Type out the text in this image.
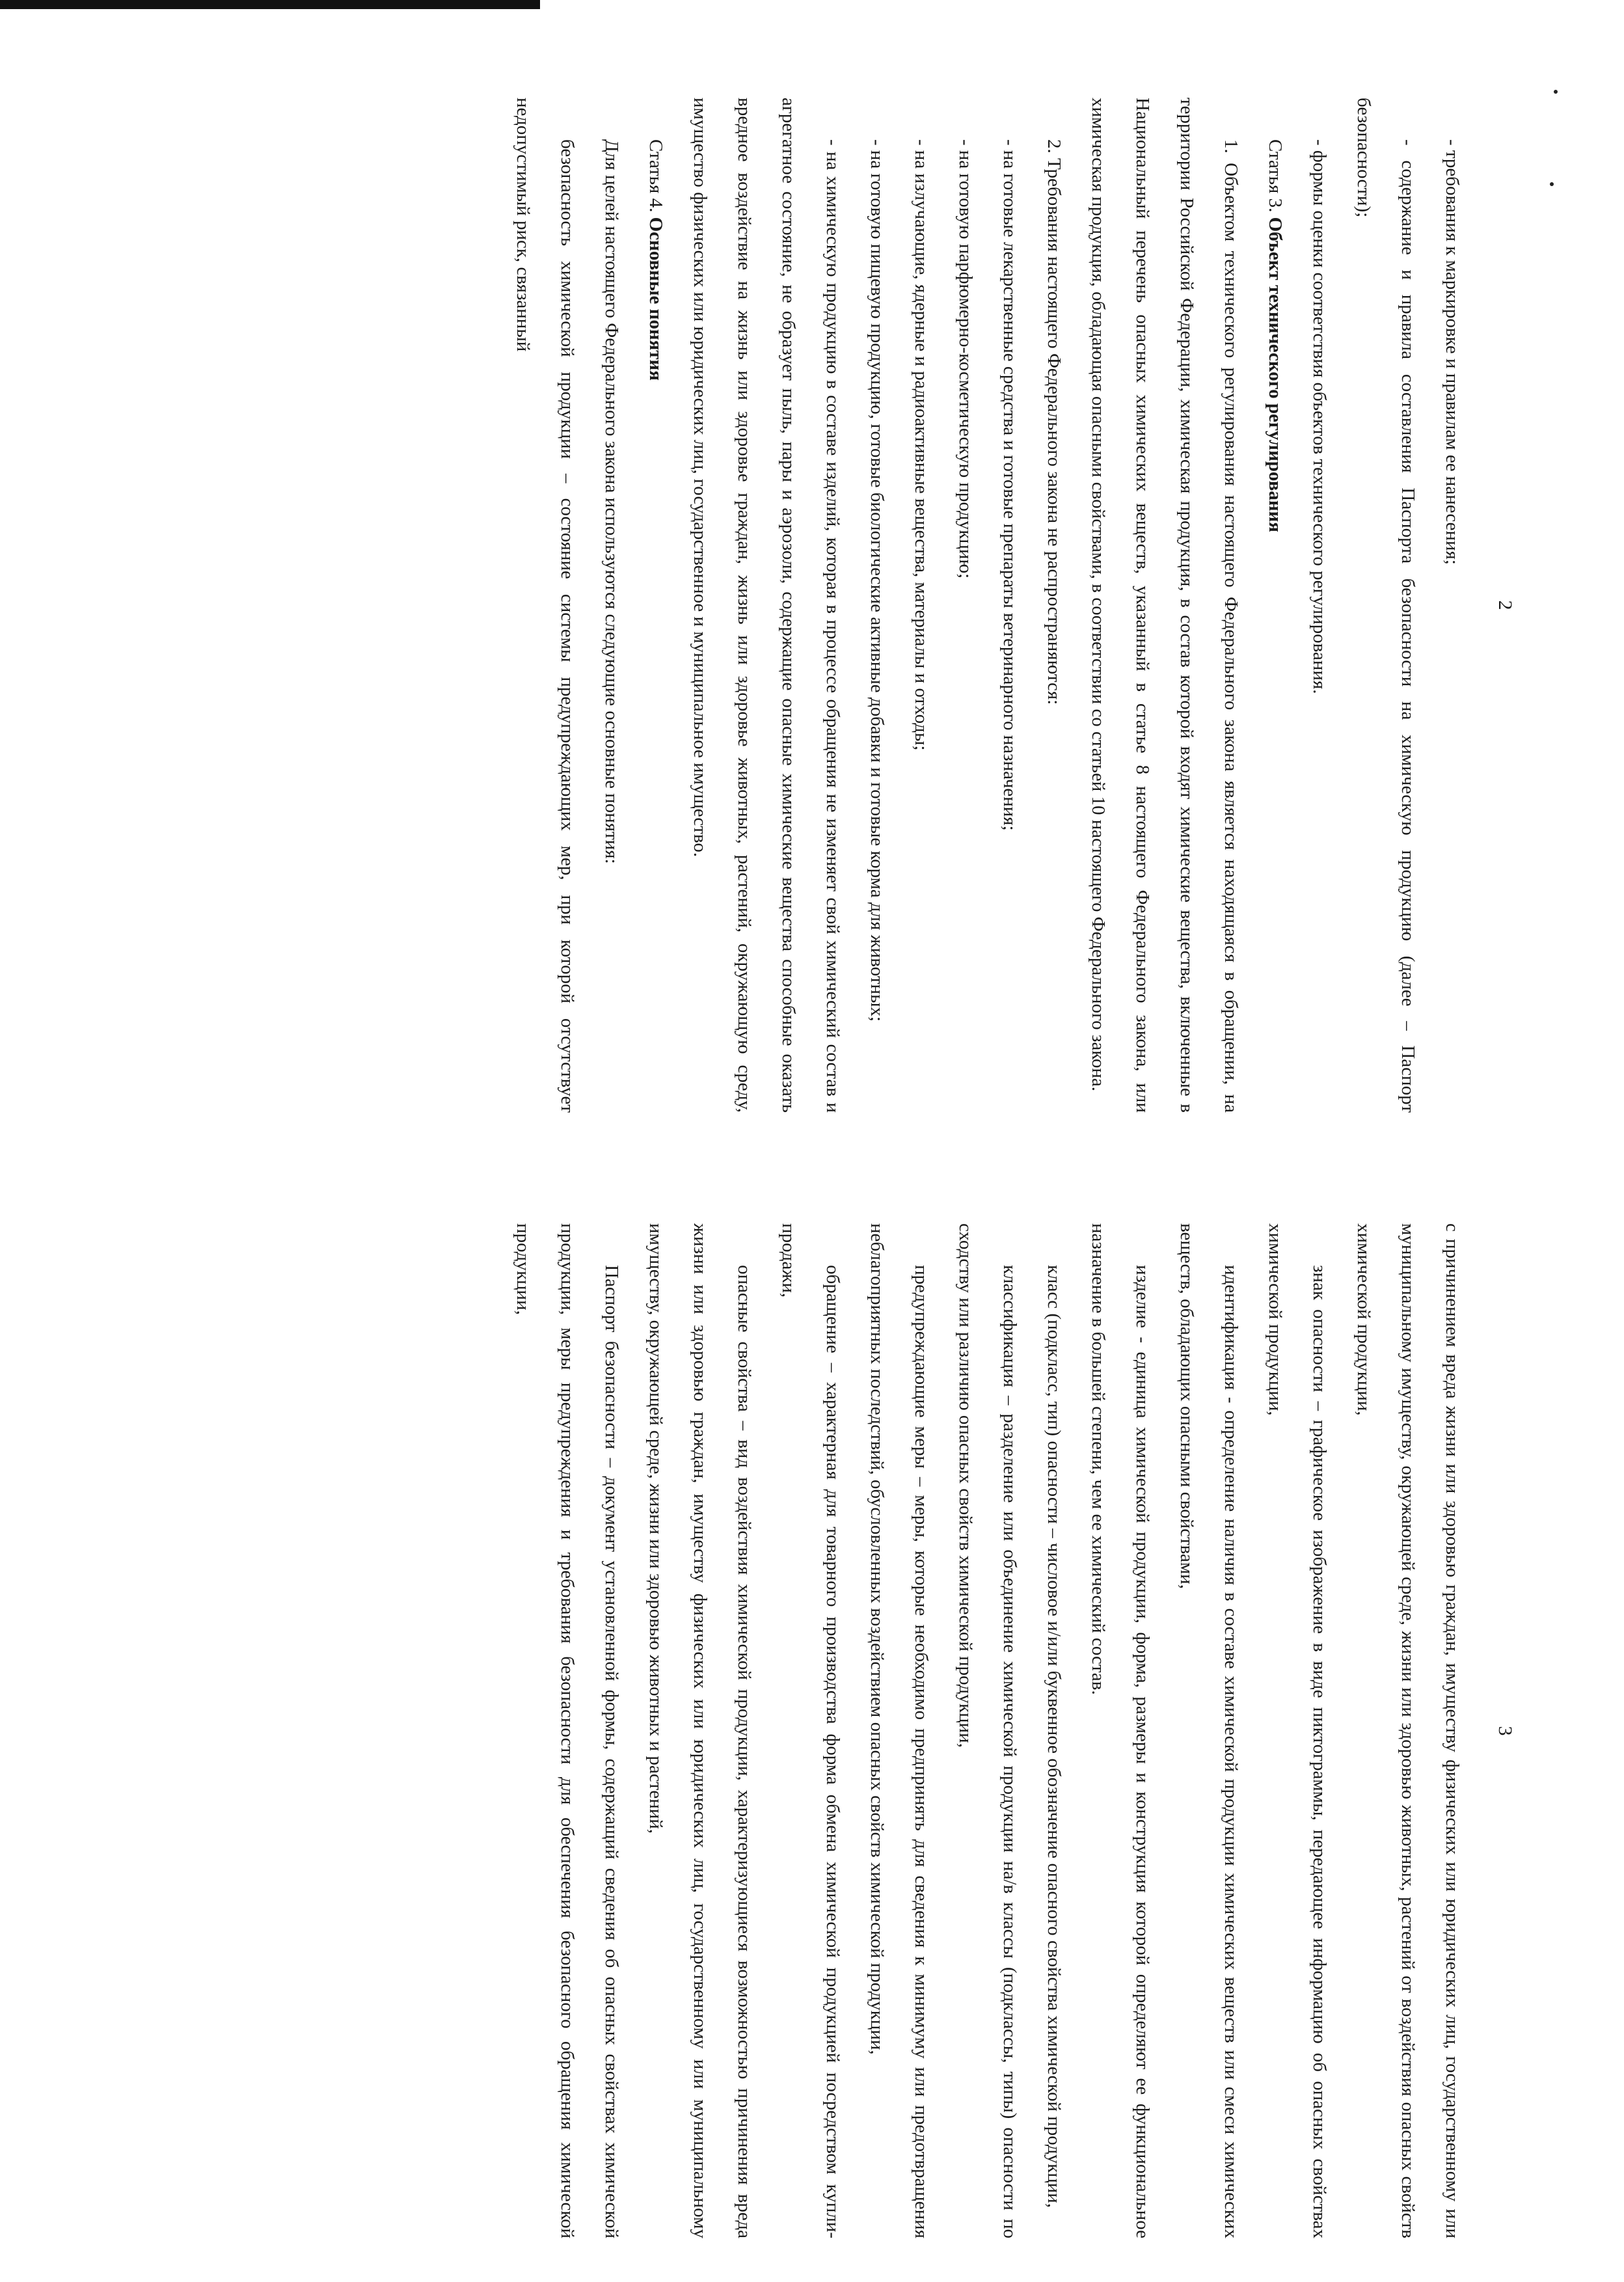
2

- требования к маркировке и правилам ее нанесения;

- содержание и правила составления Паспорта безопасности на химическую продукцию (далее – Паспорт безопасности);

- формы оценки соответствия объектов технического регулирования.

Статья 3. Объект технического регулирования

1. Объектом технического регулирования настоящего Федерального закона является находящаяся в обращении, на территории Российской Федерации, химическая продукция, в состав которой входят химические вещества, включенные в Национальный перечень опасных химических веществ, указанный в статье 8 настоящего Федерального закона, или химическая продукция, обладающая опасными свойствами, в соответствии со статьей 10 настоящего Федерального закона.

2. Требования настоящего Федерального закона не распространяются:

- на готовые лекарственные средства и готовые препараты ветеринарного назначения;

- на готовую парфюмерно-косметическую продукцию;

- на излучающие, ядерные и радиоактивные вещества, материалы и отходы;

- на готовую пищевую продукцию, готовые биологические активные добавки и готовые корма для животных;

- на химическую продукцию в составе изделий, которая в процессе обращения не изменяет свой химический состав и агрегатное состояние, не образует пыль, пары и аэрозоли, содержащие опасные химические вещества способные оказать вредное воздействие на жизнь или здоровье граждан, жизнь или здоровье животных, растений, окружающую среду, имущество физических или юридических лиц, государственное и муниципальное имущество.

Статья 4. Основные понятия

Для целей настоящего Федерального закона используются следующие основные понятия:

безопасность химической продукции – состояние системы предупреждающих мер, при которой отсутствует недопустимый риск, связанный

3

с причинением вреда жизни или здоровью граждан, имуществу физических или юридических лиц, государственному или муниципальному имуществу, окружающей среде, жизни или здоровью животных, растений от воздействия опасных свойств химической продукции,

знак опасности – графическое изображение в виде пиктограммы, передающее информацию об опасных свойствах химической продукции,

идентификация - определение наличия в составе химической продукции химических веществ или смеси химических веществ, обладающих опасными свойствами,

изделие - единица химической продукции, форма, размеры и конструкция которой определяют ее функциональное назначение в большей степени, чем ее химический состав.

класс (подкласс, тип) опасности – числовое и/или буквенное обозначение опасного свойства химической продукции,

классификация – разделение или объединение химической продукции на/в классы (подклассы, типы) опасности по сходству или различию опасных свойств химической продукции,

предупреждающие меры – меры, которые необходимо предпринять для сведения к минимуму или предотвращения неблагоприятных последствий, обусловленных воздействием опасных свойств химической продукции,

обращение – характерная для товарного производства форма обмена химической продукцией посредством купли-продажи,

опасные свойства – вид воздействия химической продукции, характеризующиеся возможностью причинения вреда жизни или здоровью граждан, имуществу физических или юридических лиц, государственному или муниципальному имуществу, окружающей среде, жизни или здоровью животных и растений,

Паспорт безопасности – документ установленной формы, содержащий сведения об опасных свойствах химической продукции, меры предупреждения и требования безопасности для обеспечения безопасного обращения химической продукции,
